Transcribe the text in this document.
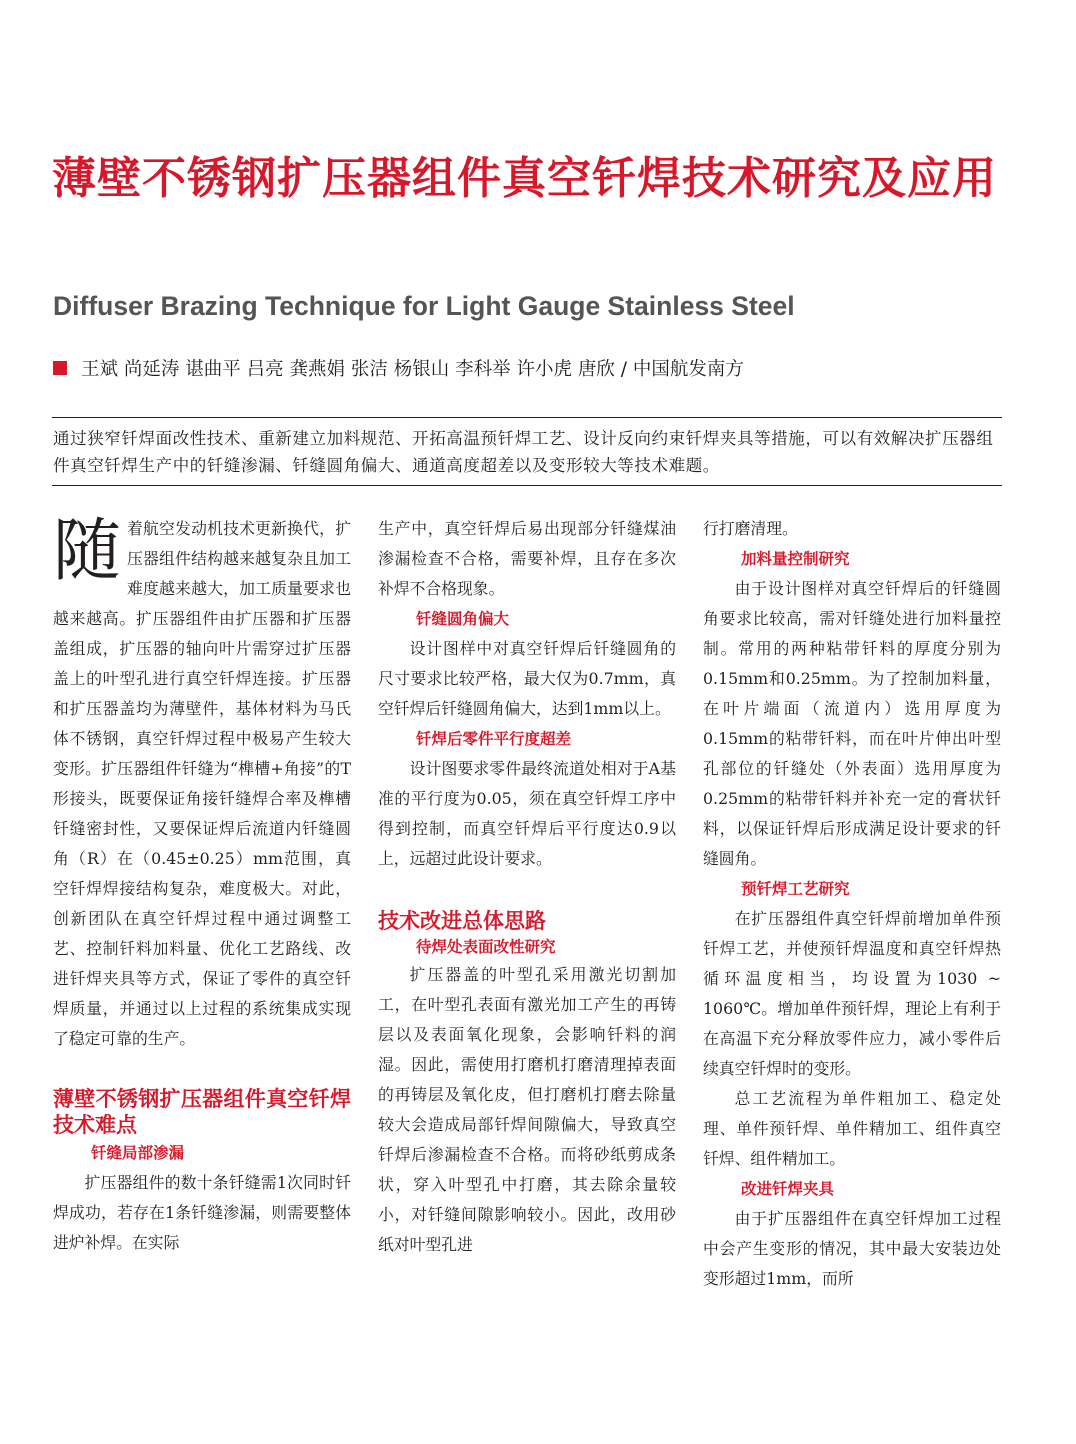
薄壁不锈钢扩压器组件真空钎焊技术研究及应用
Diffuser Brazing Technique for Light Gauge Stainless Steel
王斌 尚延涛 谌曲平 吕亮 龚燕娟 张洁 杨银山 李科举 许小虎 唐欣 / 中国航发南方

通过狭窄钎焊面改性技术、重新建立加料规范、开拓高温预钎焊工艺、设计反向约束钎焊夹具等措施，可以有效解决扩压器组件真空钎焊生产中的钎缝渗漏、钎缝圆角偏大、通道高度超差以及变形较大等技术难题。

随着航空发动机技术更新换代，扩压器组件结构越来越复杂且加工难度越来越大，加工质量要求也越来越高。扩压器组件由扩压器和扩压器盖组成，扩压器的轴向叶片需穿过扩压器盖上的叶型孔进行真空钎焊连接。扩压器和扩压器盖均为薄壁件，基体材料为马氏体不锈钢，真空钎焊过程中极易产生较大变形。扩压器组件钎缝为“榫槽+角接”的T形接头，既要保证角接钎缝焊合率及榫槽钎缝密封性，又要保证焊后流道内钎缝圆角（R）在（0.45±0.25）mm范围，真空钎焊焊接结构复杂，难度极大。对此，创新团队在真空钎焊过程中通过调整工艺、控制钎料加料量、优化工艺路线、改进钎焊夹具等方式，保证了零件的真空钎焊质量，并通过以上过程的系统集成实现了稳定可靠的生产。

薄壁不锈钢扩压器组件真空钎焊技术难点
钎缝局部渗漏

扩压器组件的数十条钎缝需1次同时钎焊成功，若存在1条钎缝渗漏，则需要整体进炉补焊。在实际

生产中，真空钎焊后易出现部分钎缝煤油渗漏检查不合格，需要补焊，且存在多次补焊不合格现象。

钎缝圆角偏大

设计图样中对真空钎焊后钎缝圆角的尺寸要求比较严格，最大仅为0.7mm，真空钎焊后钎缝圆角偏大，达到1mm以上。

钎焊后零件平行度超差

设计图要求零件最终流道处相对于A基准的平行度为0.05，须在真空钎焊工序中得到控制，而真空钎焊后平行度达0.9以上，远超过此设计要求。

技术改进总体思路
待焊处表面改性研究

扩压器盖的叶型孔采用激光切割加工，在叶型孔表面有激光加工产生的再铸层以及表面氧化现象，会影响钎料的润湿。因此，需使用打磨机打磨清理掉表面的再铸层及氧化皮，但打磨机打磨去除量较大会造成局部钎焊间隙偏大，导致真空钎焊后渗漏检查不合格。而将砂纸剪成条状，穿入叶型孔中打磨，其去除余量较小，对钎缝间隙影响较小。因此，改用砂纸对叶型孔进

行打磨清理。

加料量控制研究

由于设计图样对真空钎焊后的钎缝圆角要求比较高，需对钎缝处进行加料量控制。常用的两种粘带钎料的厚度分别为0.15mm和0.25mm。为了控制加料量，在叶片端面（流道内）选用厚度为0.15mm的粘带钎料，而在叶片伸出叶型孔部位的钎缝处（外表面）选用厚度为0.25mm的粘带钎料并补充一定的膏状钎料，以保证钎焊后形成满足设计要求的钎缝圆角。

预钎焊工艺研究

在扩压器组件真空钎焊前增加单件预钎焊工艺，并使预钎焊温度和真空钎焊热循环温度相当，均设置为1030 ~ 1060℃。增加单件预钎焊，理论上有利于在高温下充分释放零件应力，减小零件后续真空钎焊时的变形。

总工艺流程为单件粗加工、稳定处理、单件预钎焊、单件精加工、组件真空钎焊、组件精加工。

改进钎焊夹具

由于扩压器组件在真空钎焊加工过程中会产生变形的情况，其中最大安装边处变形超过1mm，而所
